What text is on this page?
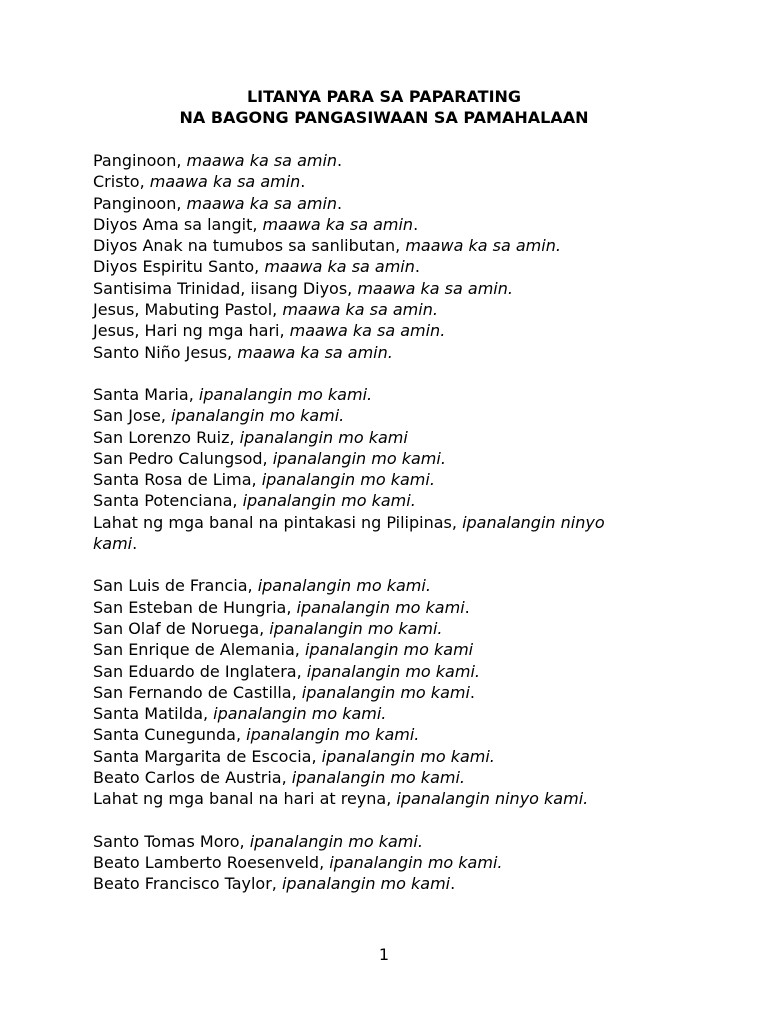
LITANYA PARA SA PAPARATING
NA BAGONG PANGASIWAAN SA PAMAHALAAN
Panginoon, maawa ka sa amin.
Cristo, maawa ka sa amin.
Panginoon, maawa ka sa amin.
Diyos Ama sa langit, maawa ka sa amin.
Diyos Anak na tumubos sa sanlibutan, maawa ka sa amin.
Diyos Espiritu Santo, maawa ka sa amin.
Santisima Trinidad, iisang Diyos, maawa ka sa amin.
Jesus, Mabuting Pastol, maawa ka sa amin.
Jesus, Hari ng mga hari, maawa ka sa amin.
Santo Niño Jesus, maawa ka sa amin.
Santa Maria, ipanalangin mo kami.
San Jose, ipanalangin mo kami.
San Lorenzo Ruiz, ipanalangin mo kami
San Pedro Calungsod, ipanalangin mo kami.
Santa Rosa de Lima, ipanalangin mo kami.
Santa Potenciana, ipanalangin mo kami.
Lahat ng mga banal na pintakasi ng Pilipinas, ipanalangin ninyo
kami.
San Luis de Francia, ipanalangin mo kami.
San Esteban de Hungria, ipanalangin mo kami.
San Olaf de Noruega, ipanalangin mo kami.
San Enrique de Alemania, ipanalangin mo kami
San Eduardo de Inglatera, ipanalangin mo kami.
San Fernando de Castilla, ipanalangin mo kami.
Santa Matilda, ipanalangin mo kami.
Santa Cunegunda, ipanalangin mo kami.
Santa Margarita de Escocia, ipanalangin mo kami.
Beato Carlos de Austria, ipanalangin mo kami.
Lahat ng mga banal na hari at reyna, ipanalangin ninyo kami.
Santo Tomas Moro, ipanalangin mo kami.
Beato Lamberto Roesenveld, ipanalangin mo kami.
Beato Francisco Taylor, ipanalangin mo kami.
1
